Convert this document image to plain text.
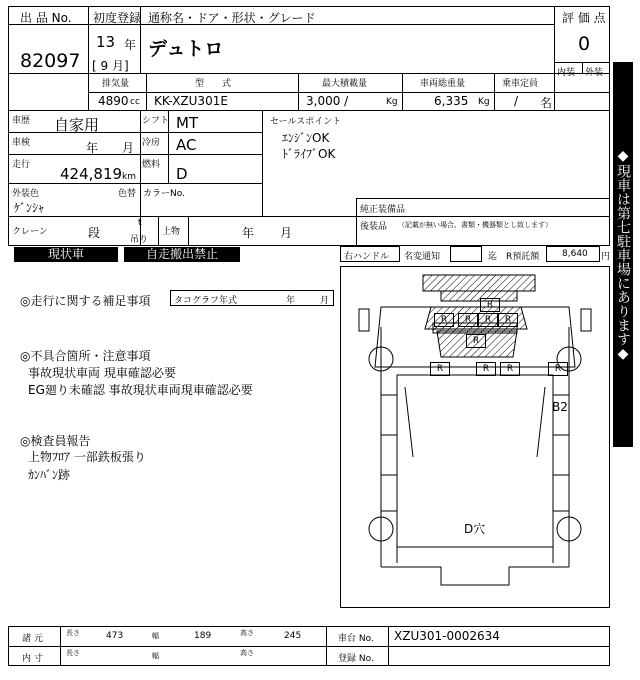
出 品 No.
82097
初度登録
13 年
[ 9 月]
通称名・ドア・形状・グレード
デュトロ
評 価 点
0
内装 外装
排気量
4890 cc
型　　式
KK-XZU301E
最大積載量
3,000 /	Kg
車両総重量
6,335 Kg
乗車定員
/ 名
車歴 自家用	シフト MT
車検	年 月 冷房 AC
走行 424,819 km
燃料 D
外装色
ｹﾞﾝｼｬ
色替 カラーNo.
クレーン	段
t
吊り
上物	年 月
セールスポイント
ｴﾝｼﾞﾝOK
ﾄﾞﾗｲﾌﾞOK
純正装備品
後装品 （記載が無い場合、書類・機器類とし致します）
現状車	自走搬出禁止	右ハンドル 名変通知	迄 R預託額	8,640 円
◎走行に関する補足事項	タコグラフ年式	年	月
◎不具合箇所・注意事項
事故現状車両 現車確認必要
EG廻り未確認 事故現状車両現車確認必要
◎検査員報告
上物ﾌﾛｱ 一部鉄板張り
ｶﾝﾊﾞﾝ跡
R
R	R	R	R
R	R	R	R
R
B2
D穴
◆現車は第七駐車場にあります◆
諸 元
長さ	473	幅	189	高さ	245	車台 No. XZU301-0002634
内 寸
長さ	幅	高さ
登録 No.
